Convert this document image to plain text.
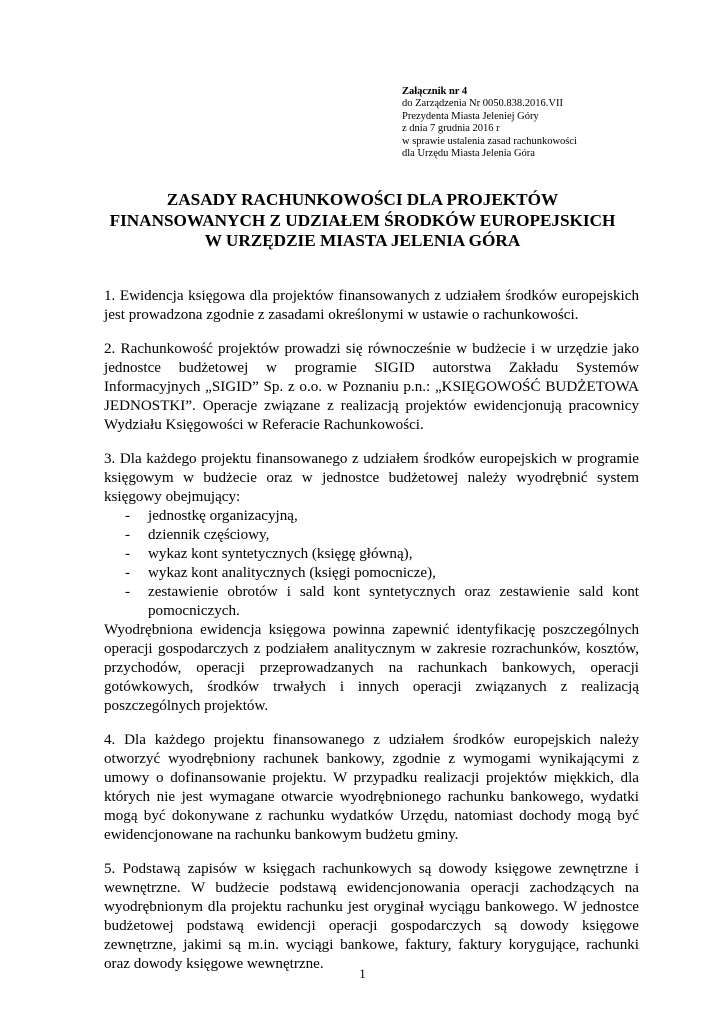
Załącznik nr 4
do Zarządzenia Nr 0050.838.2016.VII
Prezydenta Miasta Jeleniej Góry
z dnia 7 grudnia 2016 r
w sprawie ustalenia zasad rachunkowości
dla Urzędu Miasta Jelenia Góra
ZASADY RACHUNKOWOŚCI DLA PROJEKTÓW
FINANSOWANYCH Z UDZIAŁEM ŚRODKÓW EUROPEJSKICH
W URZĘDZIE MIASTA JELENIA GÓRA

1. Ewidencja księgowa dla projektów finansowanych z udziałem środków europejskich jest prowadzona zgodnie z zasadami określonymi w ustawie o rachunkowości.

2. Rachunkowość projektów prowadzi się równocześnie w budżecie i w urzędzie jako jednostce budżetowej w programie SIGID autorstwa Zakładu Systemów Informacyjnych „SIGID” Sp. z o.o. w Poznaniu p.n.: „KSIĘGOWOŚĆ BUDŻETOWA JEDNOSTKI”. Operacje związane z realizacją projektów ewidencjonują pracownicy Wydziału Księgowości w Referacie Rachunkowości.

3. Dla każdego projektu finansowanego z udziałem środków europejskich w programie księgowym w budżecie oraz w jednostce budżetowej należy wyodrębnić system księgowy obejmujący:

- jednostkę organizacyjną,
- dziennik częściowy,
- wykaz kont syntetycznych (księgę główną),
- wykaz kont analitycznych (księgi pomocnicze),
- zestawienie obrotów i sald kont syntetycznych oraz zestawienie sald kont pomocniczych.

Wyodrębniona ewidencja księgowa powinna zapewnić identyfikację poszczególnych operacji gospodarczych z podziałem analitycznym w zakresie rozrachunków, kosztów, przychodów, operacji przeprowadzanych na rachunkach bankowych, operacji gotówkowych, środków trwałych i innych operacji związanych z realizacją poszczególnych projektów.

4. Dla każdego projektu finansowanego z udziałem środków europejskich należy otworzyć wyodrębniony rachunek bankowy, zgodnie z wymogami wynikającymi z umowy o dofinansowanie projektu. W przypadku realizacji projektów miękkich, dla których nie jest wymagane otwarcie wyodrębnionego rachunku bankowego, wydatki mogą być dokonywane z rachunku wydatków Urzędu, natomiast dochody mogą być ewidencjonowane na rachunku bankowym budżetu gminy.

5. Podstawą zapisów w księgach rachunkowych są dowody księgowe zewnętrzne i wewnętrzne. W budżecie podstawą ewidencjonowania operacji zachodzących na wyodrębnionym dla projektu rachunku jest oryginał wyciągu bankowego. W jednostce budżetowej podstawą ewidencji operacji gospodarczych są dowody księgowe zewnętrzne, jakimi są m.in. wyciągi bankowe, faktury, faktury korygujące, rachunki oraz dowody księgowe wewnętrzne.

1
